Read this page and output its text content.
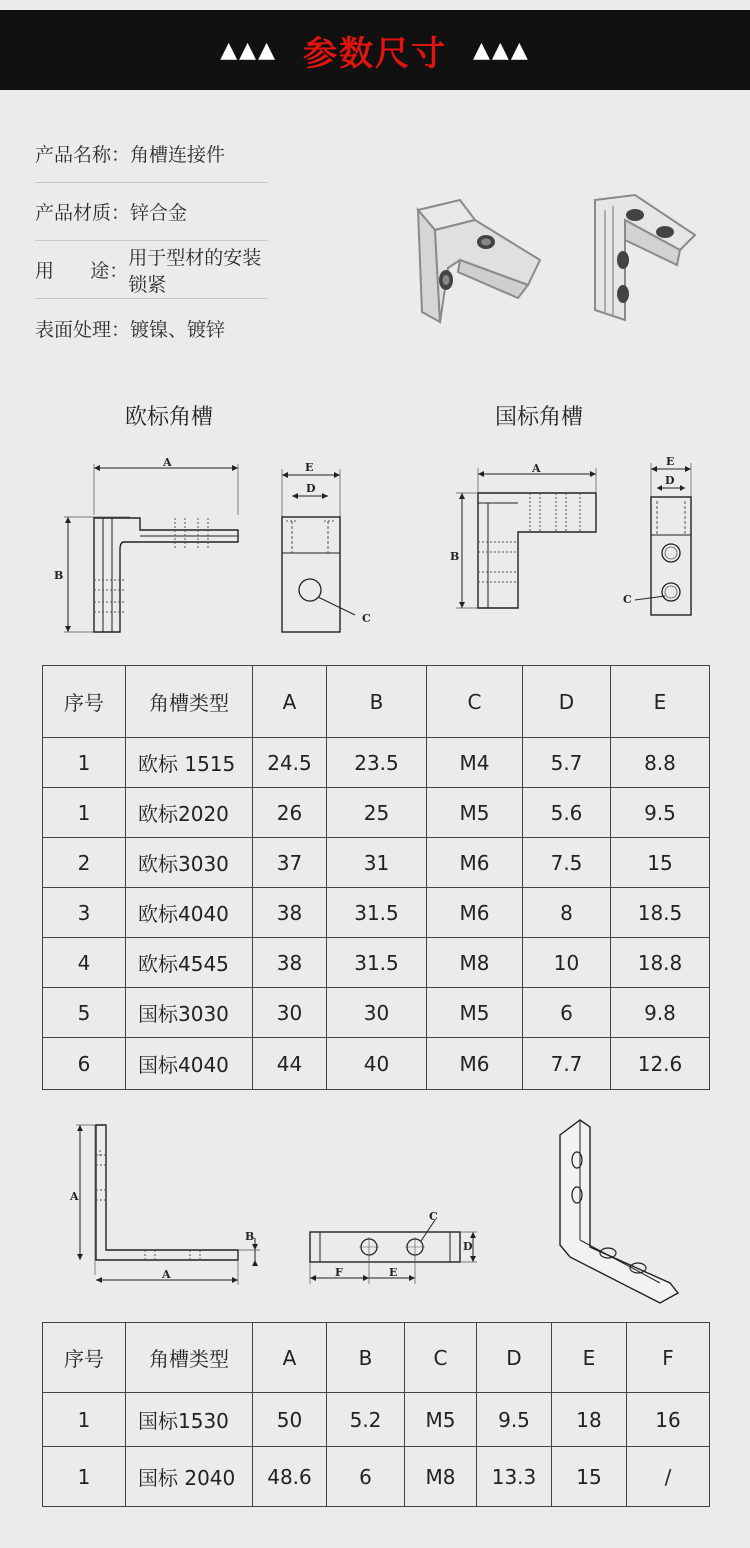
▲▲▲ 参数尺寸 ▲▲▲
产品名称： 角槽连接件
产品材质： 锌合金
用      途：
用于型材的安装锁紧
表面处理： 镀镍、镀锌
欧标角槽	国标角槽
A
B
E
D
C
A
B
E
D
C
序号	角槽类型	A	B	C	D	E
1	欧标 1515	24.5	23.5	M4	5.7	8.8
1	欧标2020	26	25	M5	5.6	9.5
2	欧标3030	37	31	M6	7.5	15
3	欧标4040	38	31.5	M6	8	18.5
4	欧标4545	38	31.5	M8	10	18.8
5	国标3030	30	30	M5	6	9.8
6	国标4040	44	40	M6	7.7	12.6
A
A
B
C
F	E
D
序号	角槽类型	A	B	C	D	E	F
1	国标1530	50	5.2	M5	9.5	18	16
1	国标 2040	48.6	6	M8	13.3	15	/
